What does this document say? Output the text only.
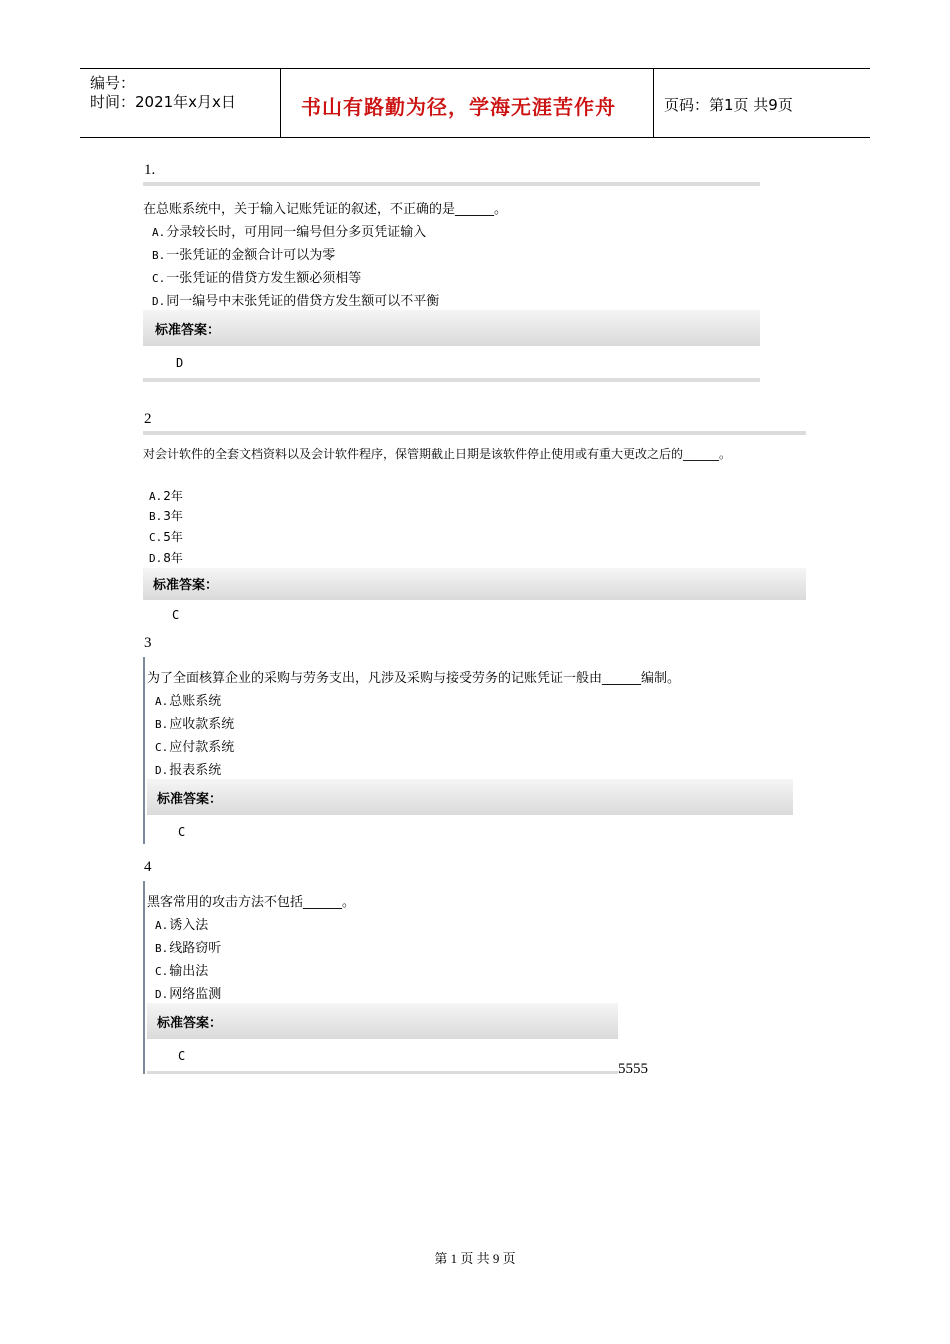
编号：
时间：2021年x月x日	书山有路勤为径，学海无涯苦作舟	页码：第1页 共9页
1.
在总账系统中，关于输入记账凭证的叙述，不正确的是______。
A.分录较长时，可用同一编号但分多页凭证输入
B.一张凭证的金额合计可以为零
C.一张凭证的借贷方发生额必须相等
D.同一编号中末张凭证的借贷方发生额可以不平衡
标准答案：
D
2
对会计软件的全套文档资料以及会计软件程序，保管期截止日期是该软件停止使用或有重大更改之后的______。
A.2年
B.3年
C.5年
D.8年
标准答案：
C
3
为了全面核算企业的采购与劳务支出，凡涉及采购与接受劳务的记账凭证一般由______编制。
A.总账系统
B.应收款系统
C.应付款系统
D.报表系统
标准答案：
C
4
黑客常用的攻击方法不包括______。
A.诱入法
B.线路窃听
C.输出法
D.网络监测
标准答案：
C
5555
第 1 页 共 9 页
